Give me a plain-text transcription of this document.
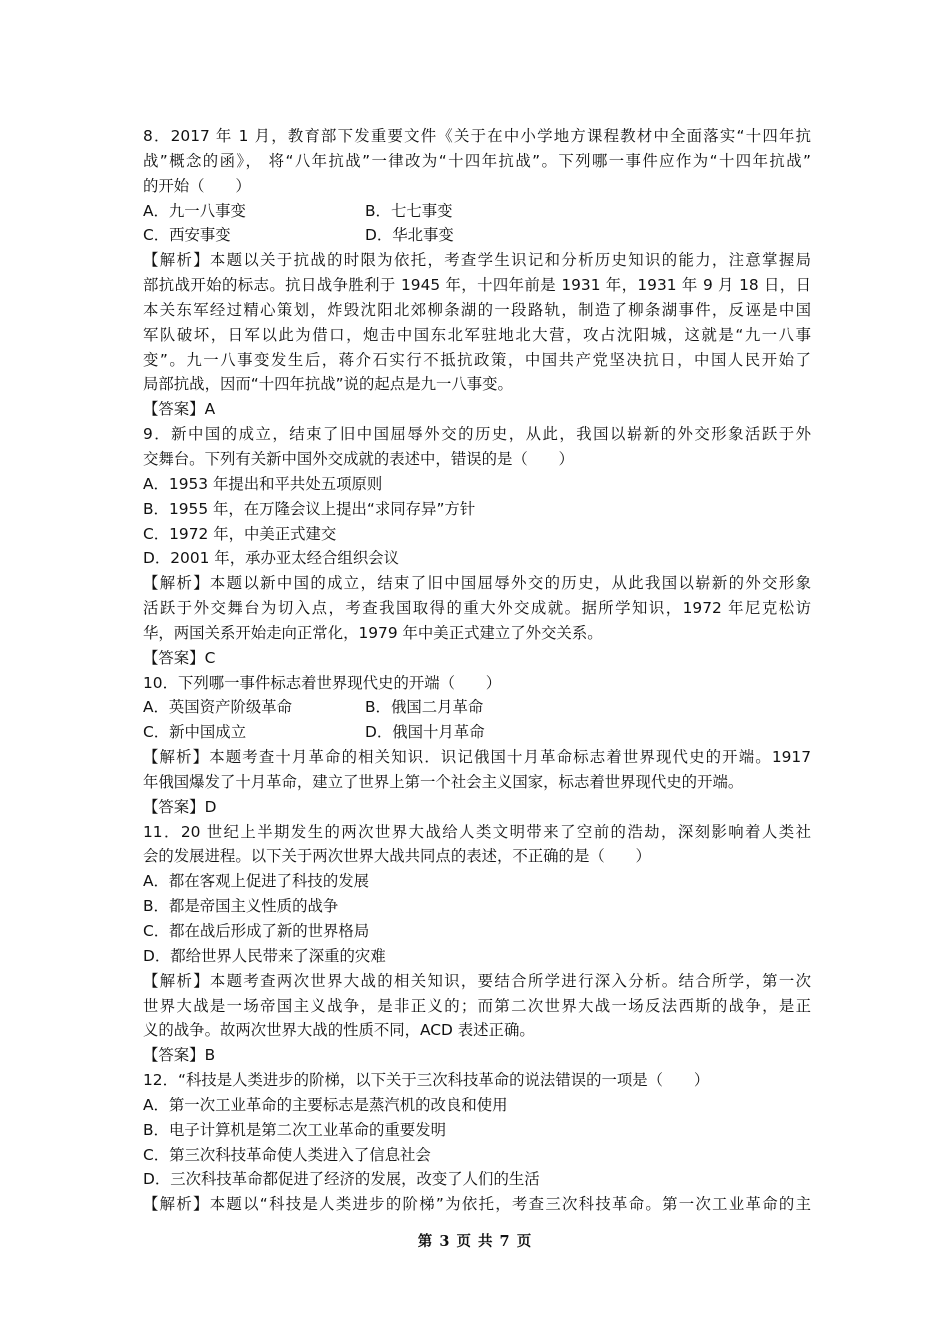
8．2017 年 1 月，教育部下发重要文件《关于在中小学地方课程教材中全面落实“十四年抗
战”概念的函》， 将“八年抗战”一律改为“十四年抗战”。下列哪一事件应作为“十四年抗战”
的开始（　　）
A．九一八事变	B．七七事变
C．西安事变	D．华北事变
【解析】本题以关于抗战的时限为依托，考查学生识记和分析历史知识的能力，注意掌握局
部抗战开始的标志。抗日战争胜利于 1945 年，十四年前是 1931 年，1931 年 9 月 18 日，日
本关东军经过精心策划，炸毁沈阳北郊柳条湖的一段路轨，制造了柳条湖事件，反诬是中国
军队破坏，日军以此为借口，炮击中国东北军驻地北大营，攻占沈阳城，这就是“九一八事
变”。九一八事变发生后，蒋介石实行不抵抗政策，中国共产党坚决抗日，中国人民开始了
局部抗战，因而“十四年抗战”说的起点是九一八事变。
【答案】A
9．新中国的成立，结束了旧中国屈辱外交的历史，从此，我国以崭新的外交形象活跃于外
交舞台。下列有关新中国外交成就的表述中，错误的是（　　）
A．1953 年提出和平共处五项原则
B．1955 年，在万隆会议上提出“求同存异”方针
C．1972 年，中美正式建交
D．2001 年，承办亚太经合组织会议
【解析】本题以新中国的成立，结束了旧中国屈辱外交的历史，从此我国以崭新的外交形象
活跃于外交舞台为切入点，考查我国取得的重大外交成就。据所学知识，1972 年尼克松访
华，两国关系开始走向正常化，1979 年中美正式建立了外交关系。
【答案】C
10．下列哪一事件标志着世界现代史的开端（　　）
A．英国资产阶级革命	B．俄国二月革命
C．新中国成立	D．俄国十月革命
【解析】本题考查十月革命的相关知识．识记俄国十月革命标志着世界现代史的开端。1917
年俄国爆发了十月革命，建立了世界上第一个社会主义国家，标志着世界现代史的开端。
【答案】D
11．20 世纪上半期发生的两次世界大战给人类文明带来了空前的浩劫，深刻影响着人类社
会的发展进程。以下关于两次世界大战共同点的表述，不正确的是（　　）
A．都在客观上促进了科技的发展
B．都是帝国主义性质的战争
C．都在战后形成了新的世界格局
D．都给世界人民带来了深重的灾难
【解析】本题考查两次世界大战的相关知识，要结合所学进行深入分析。结合所学，第一次
世界大战是一场帝国主义战争，是非正义的；而第二次世界大战一场反法西斯的战争，是正
义的战争。故两次世界大战的性质不同，ACD 表述正确。
【答案】B
12．“科技是人类进步的阶梯，以下关于三次科技革命的说法错误的一项是（　　）
A．第一次工业革命的主要标志是蒸汽机的改良和使用
B．电子计算机是第二次工业革命的重要发明
C．第三次科技革命使人类进入了信息社会
D．三次科技革命都促进了经济的发展，改变了人们的生活
【解析】本题以“科技是人类进步的阶梯”为依托，考查三次科技革命。第一次工业革命的主
第 3 页 共 7 页
